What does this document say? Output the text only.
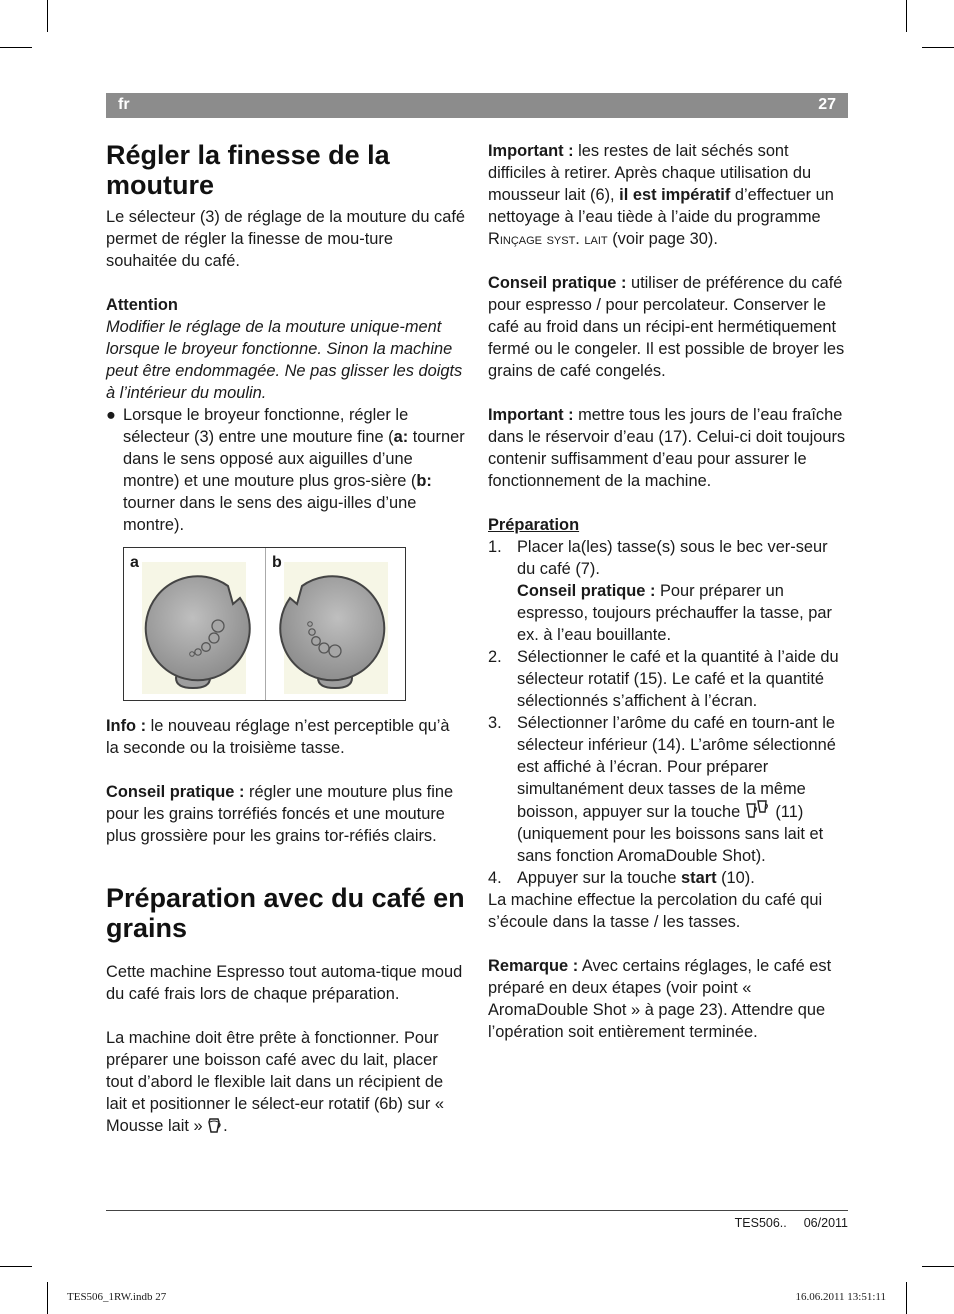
fr	27
Régler la finesse de la mouture

Le sélecteur (3) de réglage de la mouture du café permet de régler la finesse de mou-ture souhaitée du café.

Attention

Modifier le réglage de la mouture unique-ment lorsque le broyeur fonctionne. Sinon la machine peut être endommagée. Ne pas glisser les doigts à l’intérieur du moulin.

● Lorsque le broyeur fonctionne, régler le sélecteur (3) entre une mouture fine (a: tourner dans le sens opposé aux aiguilles d’une montre) et une mouture plus gros-sière (b: tourner dans le sens des aigu-illes d’une montre).
a	b

Info : le nouveau réglage n’est perceptible qu’à la seconde ou la troisième tasse.

Conseil pratique : régler une mouture plus fine pour les grains torréfiés foncés et une mouture plus grossière pour les grains tor-réfiés clairs.

Préparation avec du café en grains

Cette machine Espresso tout automa-tique moud du café frais lors de chaque préparation.

La machine doit être prête à fonctionner. Pour préparer une boisson café avec du lait, placer tout d’abord le flexible lait dans un récipient de lait et positionner le sélect-eur rotatif (6b) sur « Mousse lait » .

Important : les restes de lait séchés sont difficiles à retirer. Après chaque utilisation du mousseur lait (6), il est impératif d’effectuer un nettoyage à l’eau tiède à l’aide du programme Rinçage syst. lait (voir page 30).

Conseil pratique : utiliser de préférence du café pour espresso / pour percolateur. Conserver le café au froid dans un récipi-ent hermétiquement fermé ou le congeler. Il est possible de broyer les grains de café congelés.

Important : mettre tous les jours de l’eau fraîche dans le réservoir d’eau (17). Celui-ci doit toujours contenir suffisamment d’eau pour assurer le fonctionnement de la machine.

Préparation

1. Placer la(les) tasse(s) sous le bec ver-seur du café (7).

Conseil pratique : Pour préparer un espresso, toujours préchauffer la tasse, par ex. à l’eau bouillante.

2. Sélectionner le café et la quantité à l’aide du sélecteur rotatif (15). Le café et la quantité sélectionnés s’affichent à l’écran.

3. Sélectionner l’arôme du café en tourn-ant le sélecteur inférieur (14). L’arôme sélectionné est affiché à l’écran. Pour préparer simultanément deux tasses de la même boisson, appuyer sur la touche  (11) (uniquement pour les boissons sans lait et sans fonction AromaDouble Shot).

4. Appuyer sur la touche start (10).

La machine effectue la percolation du café qui s’écoule dans la tasse / les tasses.

Remarque : Avec certains réglages, le café est préparé en deux étapes (voir point « AromaDouble Shot » à page 23). Attendre que l’opération soit entièrement terminée.

TES506.. 06/2011
TES506_1RW.indb 27	16.06.2011 13:51:11
